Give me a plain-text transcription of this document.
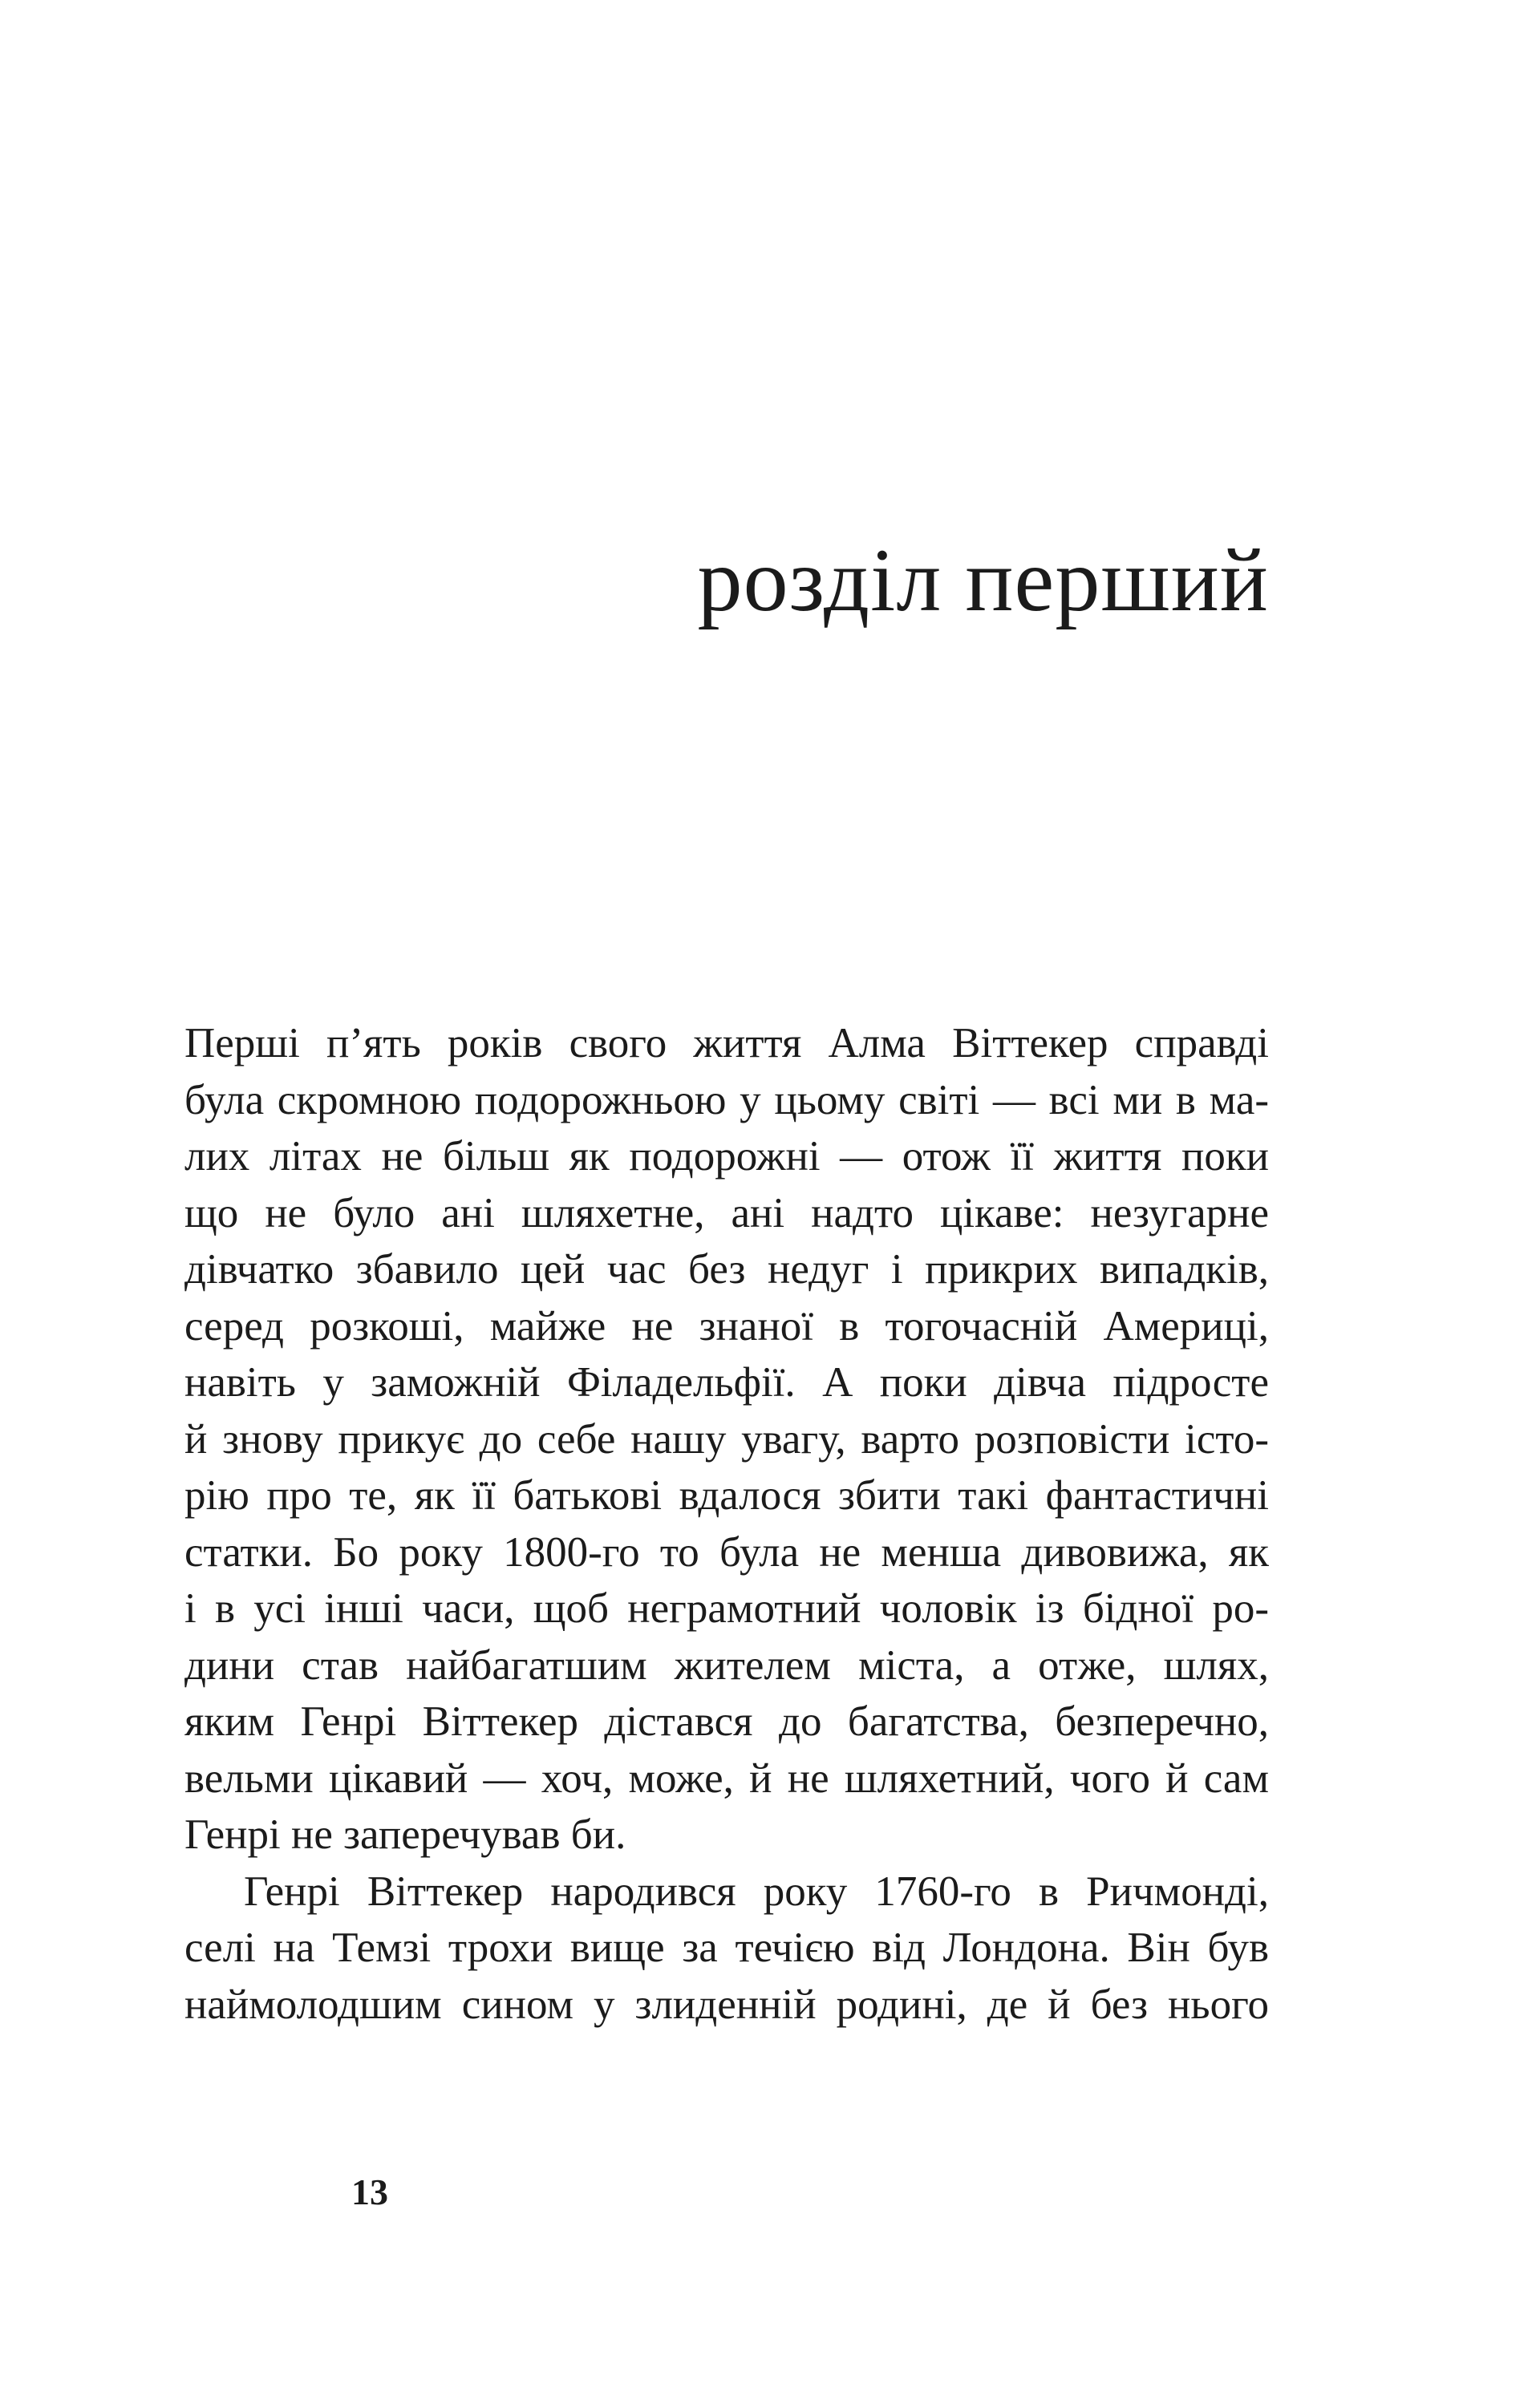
розділ перший
Перші п’ять років свого життя Алма Віттекер справді
була скромною подорожньою у цьому світі — всі ми в ма-
лих літах не більш як подорожні — отож її життя поки
що не було ані шляхетне, ані надто цікаве: незугарне
дівчатко збавило цей час без недуг і прикрих випадків,
серед розкоші, майже не знаної в тогочасній Америці,
навіть у заможній Філадельфії. А поки дівча підросте
й знову прикує до себе нашу увагу, варто розповісти істо-
рію про те, як її батькові вдалося збити такі фантастичні
статки. Бо року 1800-го то була не менша дивовижа, як
і в усі інші часи, щоб неграмотний чоловік із бідної ро-
дини став найбагатшим жителем міста, а отже, шлях,
яким Генрі Віттекер дістався до багатства, безперечно,
вельми цікавий — хоч, може, й не шляхетний, чого й сам
Генрі не заперечував би.
Генрі Віттекер народився року 1760-го в Ричмонді,
селі на Темзі трохи вище за течією від Лондона. Він був
наймолодшим сином у злиденній родині, де й без нього
13
